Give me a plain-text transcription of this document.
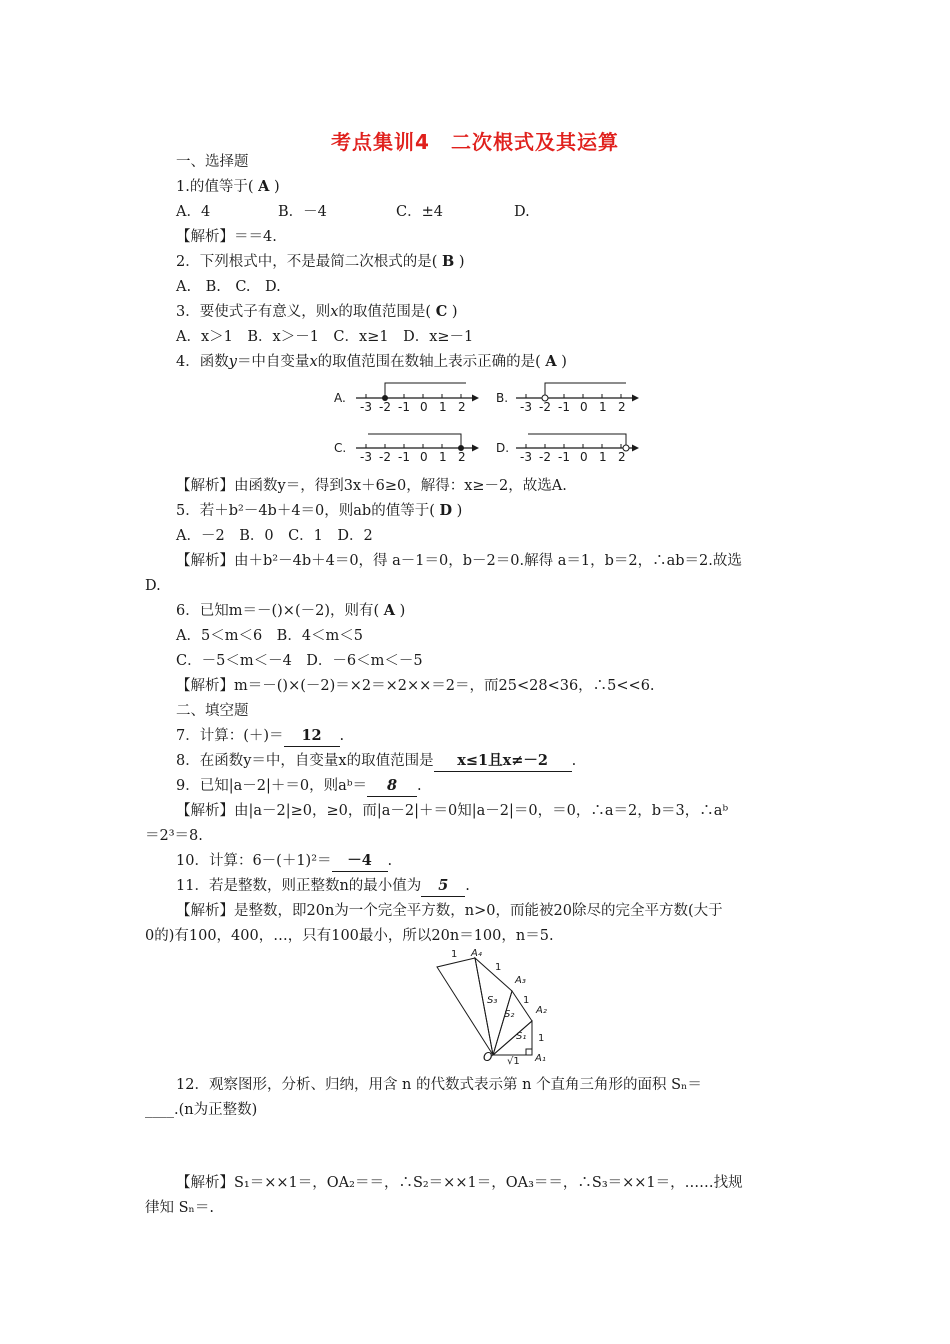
考点集训4　二次根式及其运算
一、选择题
1.的值等于( A )
A．4	B．－4	C．±4	D.
【解析】＝＝4.
2．下列根式中，不是最简二次根式的是( B )
A.　B.　C.　D.
3．要使式子有意义，则x的取值范围是( C )
A．x＞1　B．x＞－1　C．x≥1　D．x≥－1
4．函数y＝中自变量x的取值范围在数轴上表示正确的是( A )
A.
-3 -2 -1 0 1 2
B.
-3 -2 -1 0 1 2
C.
-3 -2 -1 0 1 2
D.
-3 -2 -1 0 1 2
【解析】由函数y＝，得到3x＋6≥0，解得：x≥－2，故选A.
5．若＋b²－4b＋4＝0，则ab的值等于( D )
A．－2　B．0　C．1　D．2
【解析】由＋b²－4b＋4＝0，得 a－1＝0，b－2＝0.解得 a＝1，b＝2，∴ab＝2.故选
D.
6．已知m＝－()×(－2)，则有( A )
A．5＜m＜6　B．4＜m＜5
C．－5＜m＜－4　D．－6＜m＜－5
【解析】m＝－()×(－2)＝×2＝×2××＝2＝，而25<28<36，∴5<<6.
二、填空题
7．计算：(＋)＝ 12 .
8．在函数y＝中，自变量x的取值范围是 x≤1且x≠－2 .
9．已知|a－2|＋＝0，则aᵇ＝ 8 .
【解析】由|a－2|≥0，≥0，而|a－2|＋＝0知|a－2|＝0，＝0，∴a＝2，b＝3，∴aᵇ
＝2³＝8.
10．计算：6－(＋1)²＝ －4 .
11．若是整数，则正整数n的最小值为 5 .
【解析】是整数，即20n为一个完全平方数，n>0，而能被20除尽的完全平方数(大于
0的)有100，400，…，只有100最小，所以20n＝100，n＝5.
1 A₄
1
A₃
1
A₂
1
S₃
S₂
S₁
O √1 A₁
12．观察图形，分析、归纳，用含 n 的代数式表示第 n 个直角三角形的面积 Sₙ＝
____.(n为正整数)
【解析】S₁＝××1＝，OA₂＝＝，∴S₂＝××1＝，OA₃＝＝，∴S₃＝××1＝，……找规
律知 Sₙ＝.
